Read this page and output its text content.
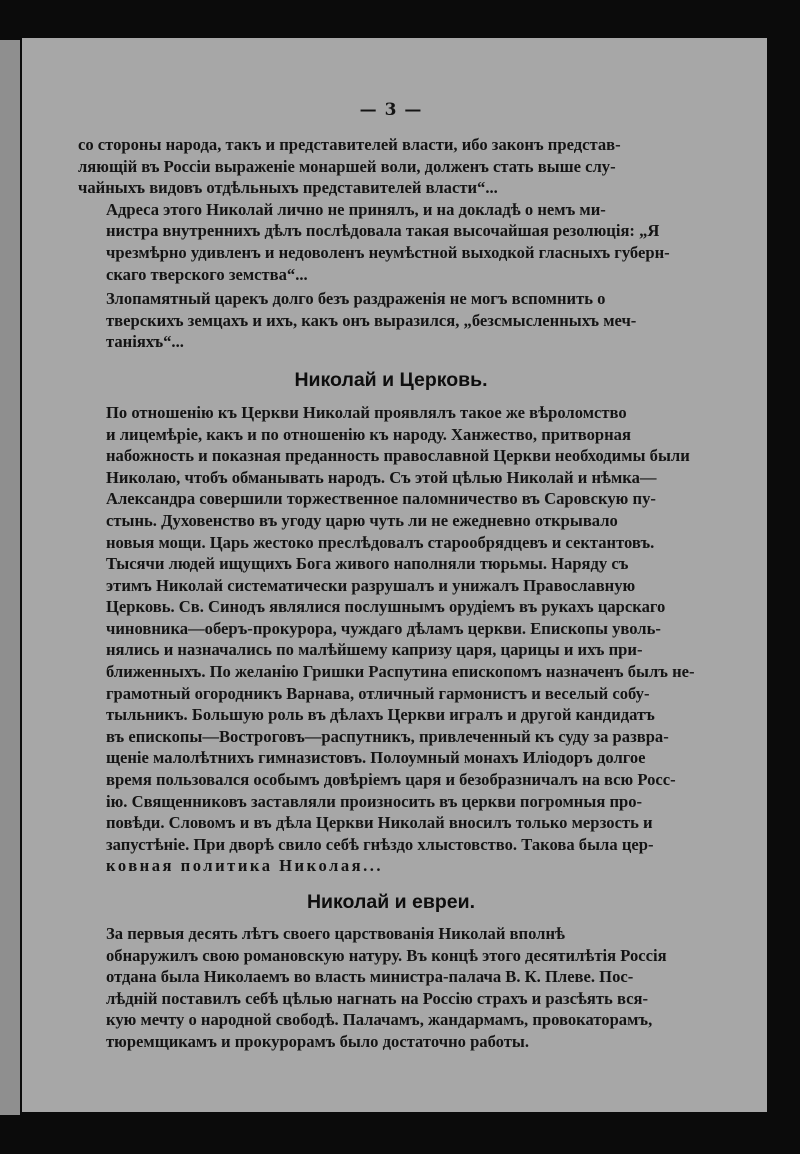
— 3 —

со стороны народа, такъ и представителей власти, ибо законъ представ-
ляющій въ Россіи выраженіе монаршей воли, долженъ стать выше слу-
чайныхъ видовъ отдѣльныхъ представителей власти“...

Адреса этого Николай лично не принялъ, и на докладѣ о немъ ми-
нистра внутреннихъ дѣлъ послѣдовала такая высочайшая резолюція: „Я
чрезмѣрно удивленъ и недоволенъ неумѣстной выходкой гласныхъ губерн-
скаго тверского земства“...

Злопамятный царекъ долго безъ раздраженія не могъ вспомнить о
тверскихъ земцахъ и ихъ, какъ онъ выразился, „безсмысленныхъ меч-
таніяхъ“...

Николай и Церковь.

По отношенію къ Церкви Николай проявлялъ такое же вѣроломство
и лицемѣріе, какъ и по отношенію къ народу. Ханжество, притворная
набожность и показная преданность православной Церкви необходимы были
Николаю, чтобъ обманывать народъ. Съ этой цѣлью Николай и нѣмка—
Александра совершили торжественное паломничество въ Саровскую пу-
стынь. Духовенство въ угоду царю чуть ли не ежедневно открывало
новыя мощи. Царь жестоко преслѣдовалъ старообрядцевъ и сектантовъ.
Тысячи людей ищущихъ Бога живого наполняли тюрьмы. Наряду съ
этимъ Николай систематически разрушалъ и унижалъ Православную
Церковь. Св. Синодъ являлися послушнымъ орудіемъ въ рукахъ царскаго
чиновника—оберъ-прокурора, чуждаго дѣламъ церкви. Епископы уволь-
нялись и назначались по малѣйшему капризу царя, царицы и ихъ при-
ближенныхъ. По желанію Гришки Распутина епископомъ назначенъ былъ не-
грамотный огородникъ Варнава, отличный гармонистъ и веселый собу-
тыльникъ. Большую роль въ дѣлахъ Церкви игралъ и другой кандидатъ
въ епископы—Востроговъ—распутникъ, привлеченный къ суду за развра-
щеніе малолѣтнихъ гимназистовъ. Полоумный монахъ Иліодоръ долгое
время пользовался особымъ довѣріемъ царя и безобразничалъ на всю Росс-
ію. Священниковъ заставляли произносить въ церкви погромныя про-
повѣди. Словомъ и въ дѣла Церкви Николай вносилъ только мерзость и
запустѣніе. При дворѣ свило себѣ гнѣздо хлыстовство. Такова была цер-
ковная политика Николая...

Николай и евреи.

За первыя десять лѣтъ своего царствованія Николай вполнѣ
обнаружилъ свою романовскую натуру. Въ концѣ этого десятилѣтія Россія
отдана была Николаемъ во власть министра-палача В. К. Плеве. Пос-
лѣдній поставилъ себѣ цѣлью нагнать на Россію страхъ и разсѣять вся-
кую мечту о народной свободѣ. Палачамъ, жандармамъ, провокаторамъ,
тюремщикамъ и прокурорамъ было достаточно работы.
